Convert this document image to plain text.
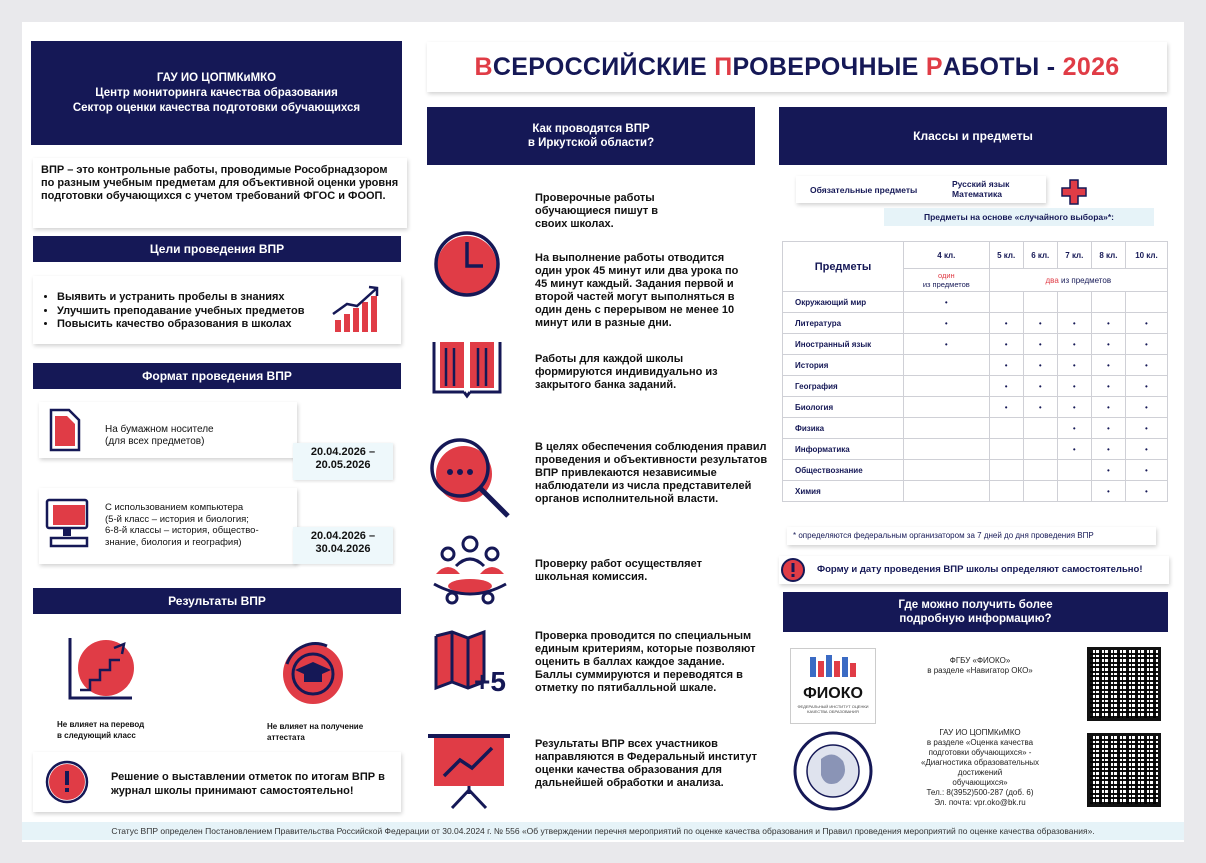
ГАУ ИО ЦОПМКиМКО
Центр мониторинга качества образования
Сектор оценки качества подготовки обучающихся
ВПР – это контрольные работы, проводимые Рособрнадзором по разным учебным предметам для объективной оценки уровня подготовки обучающихся с учетом требований ФГОС и ФООП.
Цели проведения ВПР
• Выявить и устранить пробелы в знаниях
• Улучшить преподавание учебных предметов
• Повысить качество образования в школах
Формат проведения ВПР
На бумажном носителе
(для всех предметов)
20.04.2026 –
20.05.2026
С использованием компьютера
(5-й класс – история и биология;
6-8-й классы – история, общество-
знание, биология и география)	20.04.2026 –
30.04.2026
Результаты ВПР
Не влияет на перевод
в следующий класс
Не влияет на получение
аттестата
Решение о выставлении отметок по итогам ВПР в журнал школы принимают самостоятельно!
В СЕРОССИЙСКИЕ П РОВЕРОЧНЫЕ Р АБОТЫ - 2026
Как проводятся ВПР
в Иркутской области?
+5
Проверочные работы обучающиеся пишут в своих школах.
На выполнение работы отводится один урок 45 минут или два урока по 45 минут каждый. Задания первой и второй частей могут выполняться в один день с перерывом не менее 10 минут или в разные дни.
Работы для каждой школы формируются индивидуально из закрытого банка заданий.
В целях обеспечения соблюдения правил проведения и объективности результатов ВПР привлекаются независимые наблюдатели из числа представителей органов исполнительной власти.
Проверку работ осуществляет школьная комиссия.
Проверка проводится по специальным единым критериям, которые позволяют оценить в баллах каждое задание. Баллы суммируются и переводятся в отметку по пятибалльной шкале.
Результаты ВПР всех участников направляются в Федеральный институт оценки качества образования для дальнейшей обработки и анализа.
Классы и предметы
Обязательные предметы
Русский язык
Математика
Предметы на основе «случайного выбора»*:
Предметы	4 кл.	5 кл.	6 кл.	7 кл.	8 кл.	10 кл.
	один
из предметов	два из предметов				
Окружающий мир	•					
Литература	•	•	•	•	•	•
Иностранный язык	•	•	•	•	•	•
История		•	•	•	•	•
География		•	•	•	•	•
Биология		•	•	•	•	•
Физика				•	•	•
Информатика				•	•	•
Обществознание					•	•
Химия					•	•
* определяются федеральным организатором за 7 дней до дня проведения ВПР
Форму и дату проведения ВПР школы определяют самостоятельно!
Где можно получить более
подробную информацию?
ФИОКО
ФЕДЕРАЛЬНЫЙ ИНСТИТУТ ОЦЕНКИ КАЧЕСТВА ОБРАЗОВАНИЯ
ФГБУ «ФИОКО»
в разделе «Навигатор ОКО»
ГАУ ИО ЦОПМКиМКО
в разделе «Оценка качества
подготовки обучающихся» -
«Диагностика образовательных
достижений
обучающихся»
Тел.: 8(3952)500-287 (доб. 6)
Эл. почта: vpr.oko@bk.ru
Статус ВПР определен Постановлением Правительства Российской Федерации от 30.04.2024 г. № 556 «Об утверждении перечня мероприятий по оценке качества образования и Правил проведения мероприятий по оценке качества образования».
